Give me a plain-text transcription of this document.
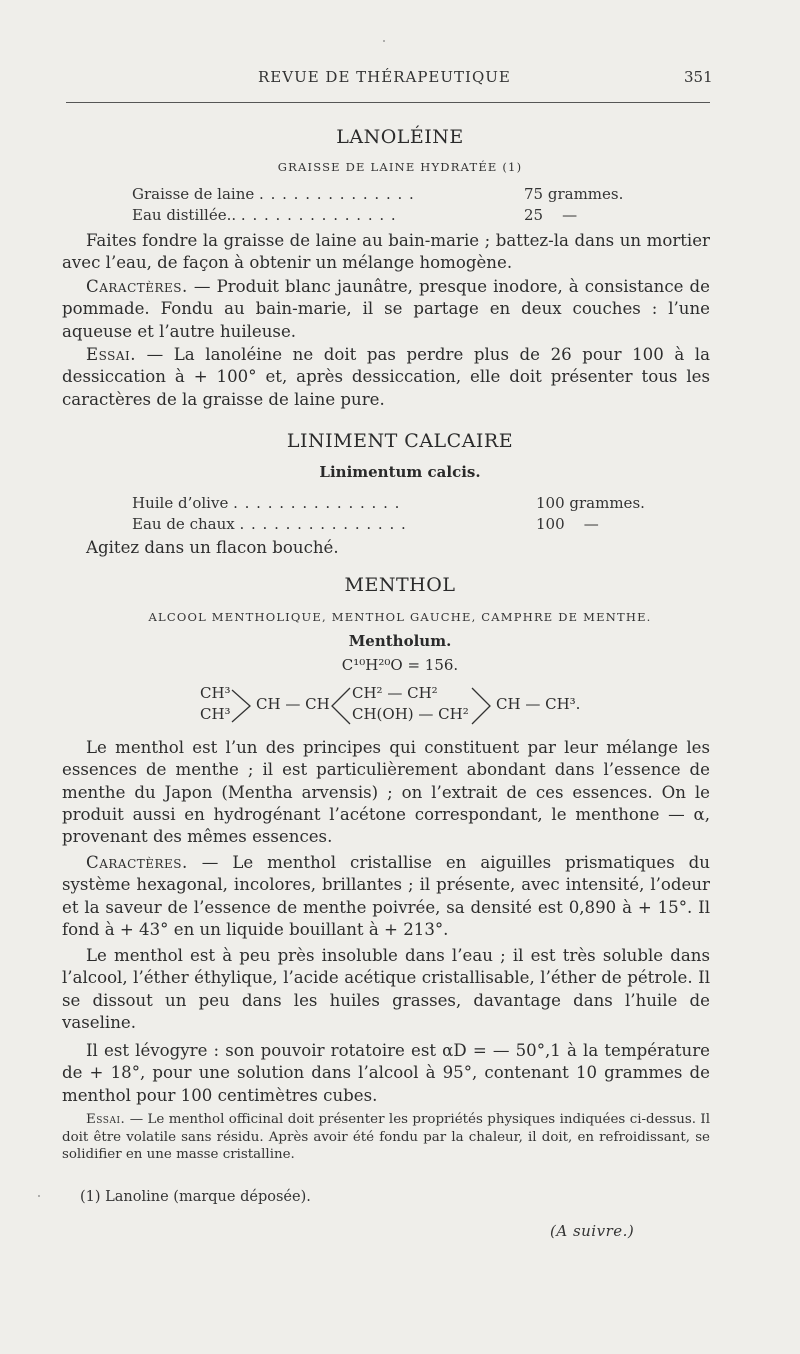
REVUE DE THÉRAPEUTIQUE	351
LANOLÉINE
GRAISSE DE LAINE HYDRATÉE (1)
Graisse de laine . . . . . . . . . . . . . .	75 grammes.
Eau distillée.. . . . . . . . . . . . . . .	25    —
Faites fondre la graisse de laine au bain-marie ; battez-la dans un mortier avec l’eau, de façon à obtenir un mélange homogène.
Caractères. — Produit blanc jaunâtre, presque inodore, à consistance de pommade. Fondu au bain-marie, il se partage en deux couches : l’une aqueuse et l’autre huileuse.
Essai. — La lanoléine ne doit pas perdre plus de 26 pour 100 à la dessiccation à + 100° et, après dessiccation, elle doit présenter tous les caractères de la graisse de laine pure.
LINIMENT CALCAIRE
Linimentum calcis.
Huile d’olive . . . . . . . . . . . . . . .	100 grammes.
Eau de chaux . . . . . . . . . . . . . . .	100    —
Agitez dans un flacon bouché.
MENTHOL
ALCOOL MENTHOLIQUE, MENTHOL GAUCHE, CAMPHRE DE MENTHE.
Mentholum.
C¹⁰H²⁰O = 156.
CH³
CH³
CH — CH
CH² — CH²
CH(OH) — CH²
CH — CH³.
Le menthol est l’un des principes qui constituent par leur mélange les essences de menthe ; il est particulièrement abondant dans l’essence de menthe du Japon (Mentha arvensis) ; on l’extrait de ces essences. On le produit aussi en hydrogénant l’acétone correspondant, le menthone — α, provenant des mêmes essences.
Caractères. — Le menthol cristallise en aiguilles prismatiques du système hexagonal, incolores, brillantes ; il présente, avec intensité, l’odeur et la saveur de l’essence de menthe poivrée, sa densité est 0,890 à + 15°. Il fond à + 43° en un liquide bouillant à + 213°.
Le menthol est à peu près insoluble dans l’eau ; il est très soluble dans l’alcool, l’éther éthylique, l’acide acétique cristallisable, l’éther de pétrole. Il se dissout un peu dans les huiles grasses, davantage dans l’huile de vaseline.
Il est lévogyre : son pouvoir rotatoire est αD = — 50°,1 à la température de + 18°, pour une solution dans l’alcool à 95°, contenant 10 grammes de menthol pour 100 centimètres cubes.
Essai. — Le menthol officinal doit présenter les propriétés physiques indiquées ci-dessus. Il doit être volatile sans résidu. Après avoir été fondu par la chaleur, il doit, en refroidissant, se solidifier en une masse cristalline.
(1) Lanoline (marque déposée).
(A suivre.)
